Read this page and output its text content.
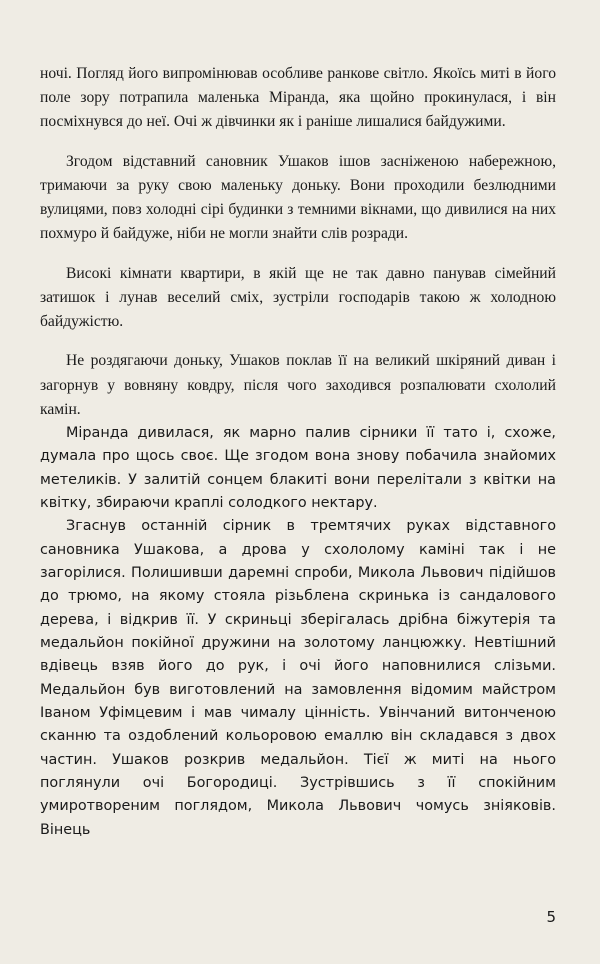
ночі. Погляд його випромінював особливе ранкове світло. Якоїсь миті в його поле зору потрапила маленька Міранда, яка щойно прокинулася, і він посміхнувся до неї. Очі ж дівчинки як і раніше лишалися байдужими.

Згодом відставний сановник Ушаков ішов засніженою набережною, тримаючи за руку свою маленьку доньку. Вони проходили безлюдними вулицями, повз холодні сірі будинки з темними вікнами, що дивилися на них похмуро й байдуже, ніби не могли знайти слів розради.

Високі кімнати квартири, в якій ще не так давно панував сімейний затишок і лунав веселий сміх, зустріли господарів такою ж холодною байдужістю.

Не роздягаючи доньку, Ушаков поклав її на великий шкіряний диван і загорнув у вовняну ковдру, після чого заходився розпалювати схололий камін.

Міранда дивилася, як марно палив сірники її тато і, схоже, думала про щось своє. Ще згодом вона знову побачила знайомих метеликів. У залитій сонцем блакиті вони перелітали з квітки на квітку, збираючи краплі солодкого нектару.

Згаснув останній сірник в тремтячих руках відставного сановника Ушакова, а дрова у схололому каміні так і не загорілися. Полишивши даремні спроби, Микола Львович підійшов до трюмо, на якому стояла різьблена скринька із сандалового дерева, і відкрив її. У скриньці зберігалась дрібна біжутерія та медальйон покійної дружини на золотому ланцюжку. Невтішний вдівець взяв його до рук, і очі його наповнилися слізьми. Медальйон був виготовлений на замовлення відомим майстром Іваном Уфімцевим і мав чималу цінність. Увінчаний витонченою сканню та оздоблений кольоровою емаллю він складався з двох частин. Ушаков розкрив медальйон. Тієї ж миті на нього поглянули очі Богородиці. Зустрівшись з її спокійним умиротвореним поглядом, Микола Львович чомусь зніяковів. Вінець

5
